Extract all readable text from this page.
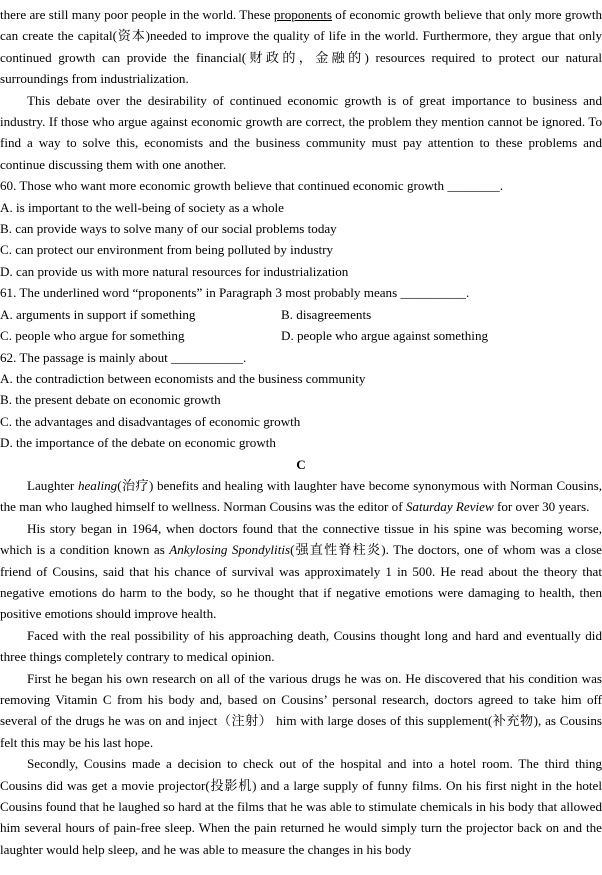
there are still many poor people in the world. These proponents of economic growth believe that only more growth can create the capital(资本)needed to improve the quality of life in the world. Furthermore, they argue that only continued growth can provide the financial(财政的，金融的) resources required to protect our natural surroundings from industrialization.

This debate over the desirability of continued economic growth is of great importance to business and industry. If those who argue against economic growth are correct, the problem they mention cannot be ignored. To find a way to solve this, economists and the business community must pay attention to these problems and continue discussing them with one another.

60. Those who want more economic growth believe that continued economic growth ________.

A. is important to the well-being of society as a whole

B. can provide ways to solve many of our social problems today

C. can protect our environment from being polluted by industry

D. can provide us with more natural resources for industrialization

61. The underlined word “proponents” in Paragraph 3 most probably means __________.

A. arguments in support if something	B. disagreements
C. people who argue for something	D. people who argue against something

62. The passage is mainly about ___________.

A. the contradiction between economists and the business community

B. the present debate on economic growth

C. the advantages and disadvantages of economic growth

D. the importance of the debate on economic growth

C

Laughter healing(治疗) benefits and healing with laughter have become synonymous with Norman Cousins, the man who laughed himself to wellness. Norman Cousins was the editor of Saturday Review for over 30 years.

His story began in 1964, when doctors found that the connective tissue in his spine was becoming worse, which is a condition known as Ankylosing Spondylitis(强直性脊柱炎). The doctors, one of whom was a close friend of Cousins, said that his chance of survival was approximately 1 in 500. He read about the theory that negative emotions do harm to the body, so he thought that if negative emotions were damaging to health, then positive emotions should improve health.

Faced with the real possibility of his approaching death, Cousins thought long and hard and eventually did three things completely contrary to medical opinion.

First he began his own research on all of the various drugs he was on. He discovered that his condition was removing Vitamin C from his body and, based on Cousins’ personal research, doctors agreed to take him off several of the drugs he was on and inject（注射） him with large doses of this supplement(补充物), as Cousins felt this may be his last hope.

Secondly, Cousins made a decision to check out of the hospital and into a hotel room. The third thing Cousins did was get a movie projector(投影机) and a large supply of funny films. On his first night in the hotel Cousins found that he laughed so hard at the films that he was able to stimulate chemicals in his body that allowed him several hours of pain-free sleep. When the pain returned he would simply turn the projector back on and the laughter would help sleep, and he was able to measure the changes in his body
